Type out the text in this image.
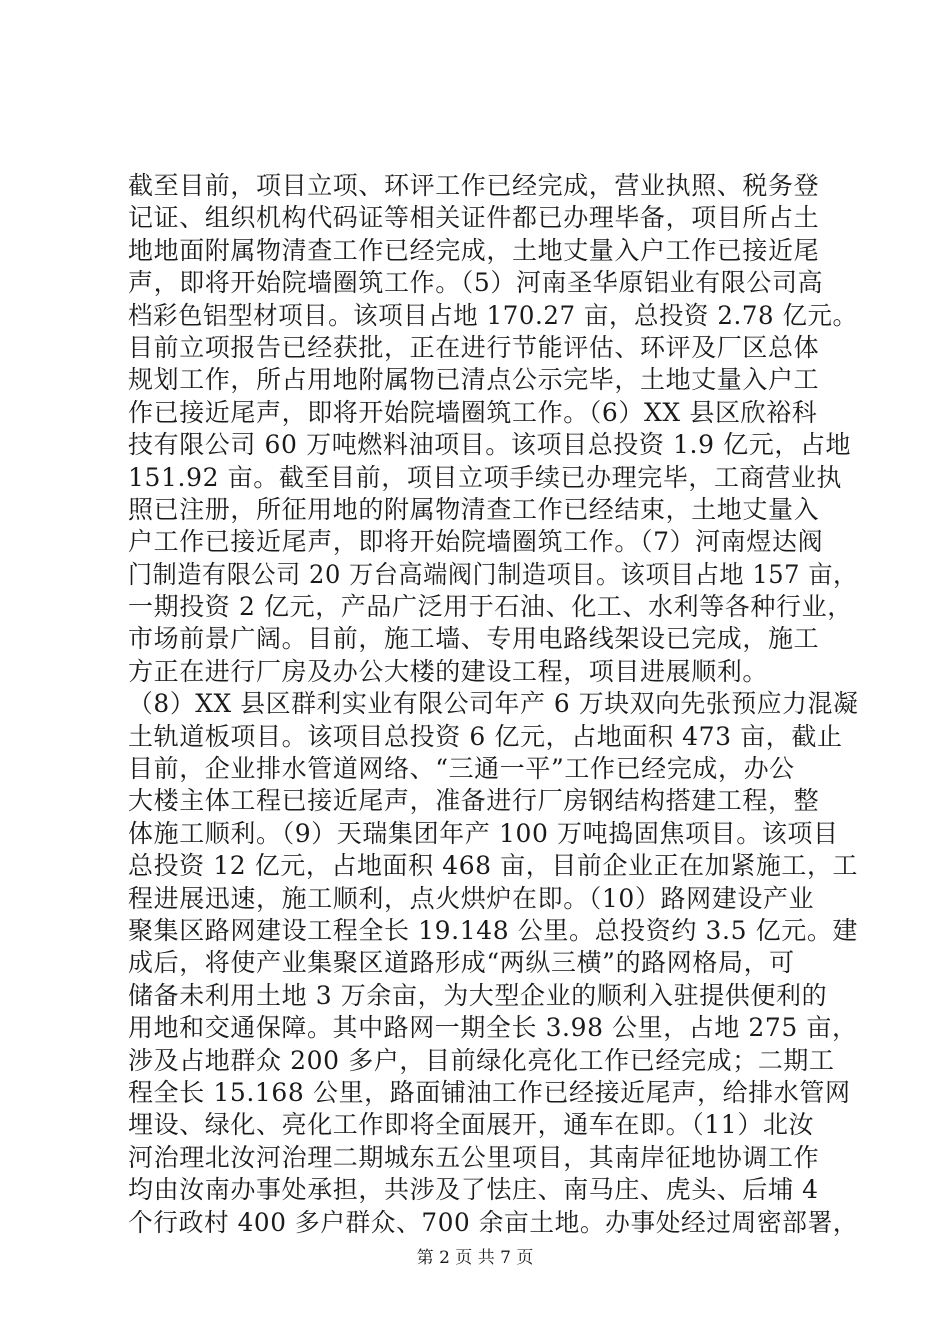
截至目前，项目立项、环评工作已经完成，营业执照、税务登
记证、组织机构代码证等相关证件都已办理毕备，项目所占土
地地面附属物清查工作已经完成，土地丈量入户工作已接近尾
声，即将开始院墙圈筑工作。（5）河南圣华原铝业有限公司高
档彩色铝型材项目。该项目占地 170.27 亩，总投资 2.78 亿元。
目前立项报告已经获批，正在进行节能评估、环评及厂区总体
规划工作，所占用地附属物已清点公示完毕，土地丈量入户工
作已接近尾声，即将开始院墙圈筑工作。（6）XX 县区欣裕科
技有限公司 60 万吨燃料油项目。该项目总投资 1.9 亿元，占地
151.92 亩。截至目前，项目立项手续已办理完毕，工商营业执
照已注册，所征用地的附属物清查工作已经结束，土地丈量入
户工作已接近尾声，即将开始院墙圈筑工作。（7）河南煜达阀
门制造有限公司 20 万台高端阀门制造项目。该项目占地 157 亩，
一期投资 2 亿元，产品广泛用于石油、化工、水利等各种行业，
市场前景广阔。目前，施工墙、专用电路线架设已完成，施工
方正在进行厂房及办公大楼的建设工程，项目进展顺利。
（8）XX 县区群利实业有限公司年产 6 万块双向先张预应力混凝
土轨道板项目。该项目总投资 6 亿元，占地面积 473 亩，截止
目前，企业排水管道网络、“三通一平”工作已经完成，办公
大楼主体工程已接近尾声，准备进行厂房钢结构搭建工程，整
体施工顺利。（9）天瑞集团年产 100 万吨捣固焦项目。该项目
总投资 12 亿元，占地面积 468 亩，目前企业正在加紧施工，工
程进展迅速，施工顺利，点火烘炉在即。（10）路网建设产业
聚集区路网建设工程全长 19.148 公里。总投资约 3.5 亿元。建
成后，将使产业集聚区道路形成“两纵三横”的路网格局，可
储备未利用土地 3 万余亩，为大型企业的顺利入驻提供便利的
用地和交通保障。其中路网一期全长 3.98 公里，占地 275 亩，
涉及占地群众 200 多户，目前绿化亮化工作已经完成；二期工
程全长 15.168 公里，路面铺油工作已经接近尾声，给排水管网
埋设、绿化、亮化工作即将全面展开，通车在即。（11）北汝
河治理北汝河治理二期城东五公里项目，其南岸征地协调工作
均由汝南办事处承担，共涉及了怯庄、南马庄、虎头、后埔 4
个行政村 400 多户群众、700 余亩土地。办事处经过周密部署，
第 2 页 共 7 页
